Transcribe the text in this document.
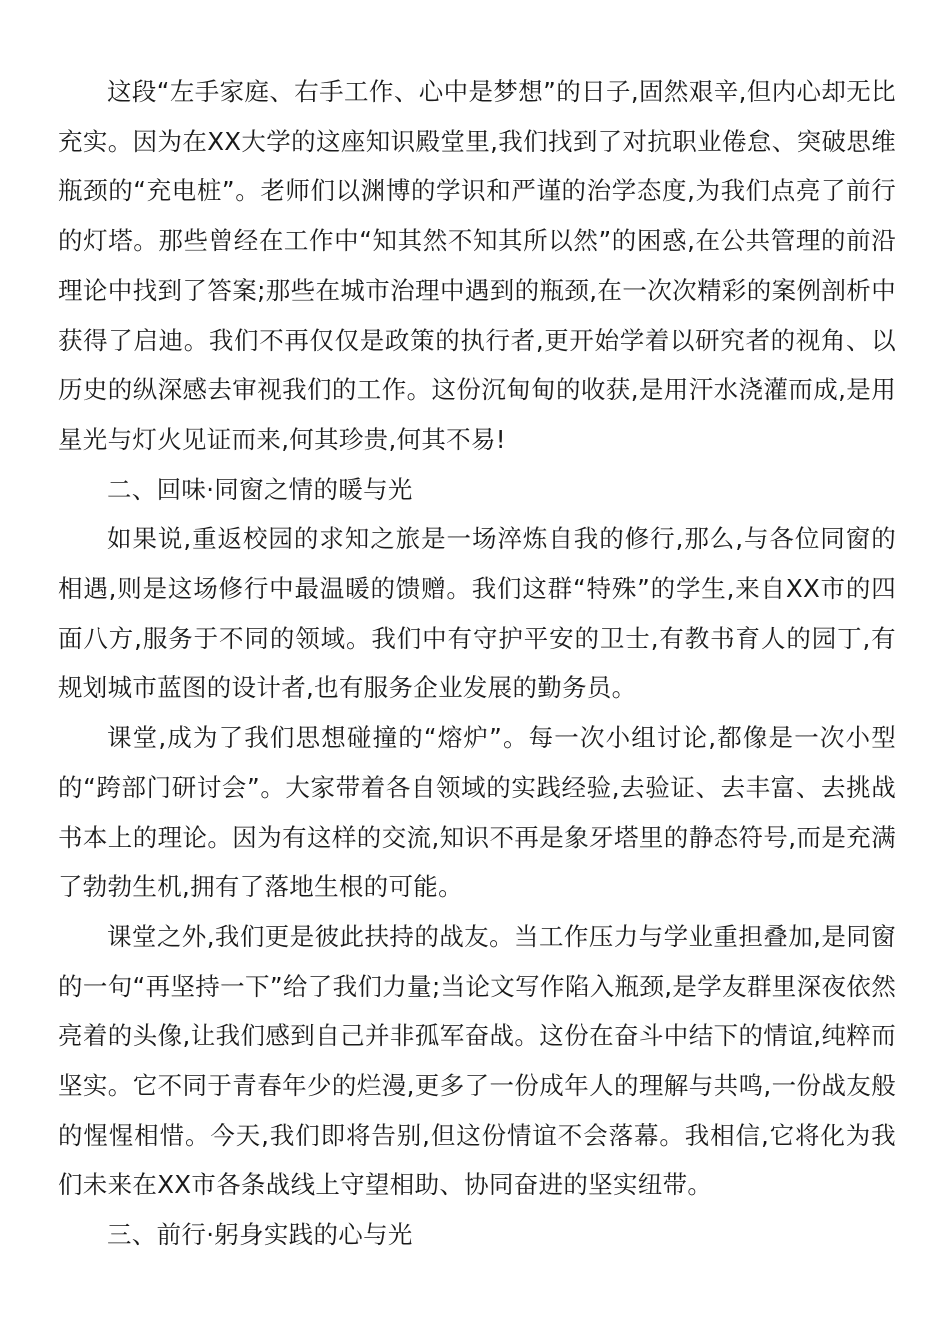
这段“左手家庭、右手工作、心中是梦想”的日子,固然艰辛,但内心却无比充实。因为在XX大学的这座知识殿堂里,我们找到了对抗职业倦怠、突破思维瓶颈的“充电桩”。老师们以渊博的学识和严谨的治学态度,为我们点亮了前行的灯塔。那些曾经在工作中“知其然不知其所以然”的困惑,在公共管理的前沿理论中找到了答案;那些在城市治理中遇到的瓶颈,在一次次精彩的案例剖析中获得了启迪。我们不再仅仅是政策的执行者,更开始学着以研究者的视角、以历史的纵深感去审视我们的工作。这份沉甸甸的收获,是用汗水浇灌而成,是用星光与灯火见证而来,何其珍贵,何其不易!

二、回味·同窗之情的暖与光

如果说,重返校园的求知之旅是一场淬炼自我的修行,那么,与各位同窗的相遇,则是这场修行中最温暖的馈赠。我们这群“特殊”的学生,来自XX市的四面八方,服务于不同的领域。我们中有守护平安的卫士,有教书育人的园丁,有规划城市蓝图的设计者,也有服务企业发展的勤务员。

课堂,成为了我们思想碰撞的“熔炉”。每一次小组讨论,都像是一次小型的“跨部门研讨会”。大家带着各自领域的实践经验,去验证、去丰富、去挑战书本上的理论。因为有这样的交流,知识不再是象牙塔里的静态符号,而是充满了勃勃生机,拥有了落地生根的可能。

课堂之外,我们更是彼此扶持的战友。当工作压力与学业重担叠加,是同窗的一句“再坚持一下”给了我们力量;当论文写作陷入瓶颈,是学友群里深夜依然亮着的头像,让我们感到自己并非孤军奋战。这份在奋斗中结下的情谊,纯粹而坚实。它不同于青春年少的烂漫,更多了一份成年人的理解与共鸣,一份战友般的惺惺相惜。今天,我们即将告别,但这份情谊不会落幕。我相信,它将化为我们未来在XX市各条战线上守望相助、协同奋进的坚实纽带。

三、前行·躬身实践的心与光
